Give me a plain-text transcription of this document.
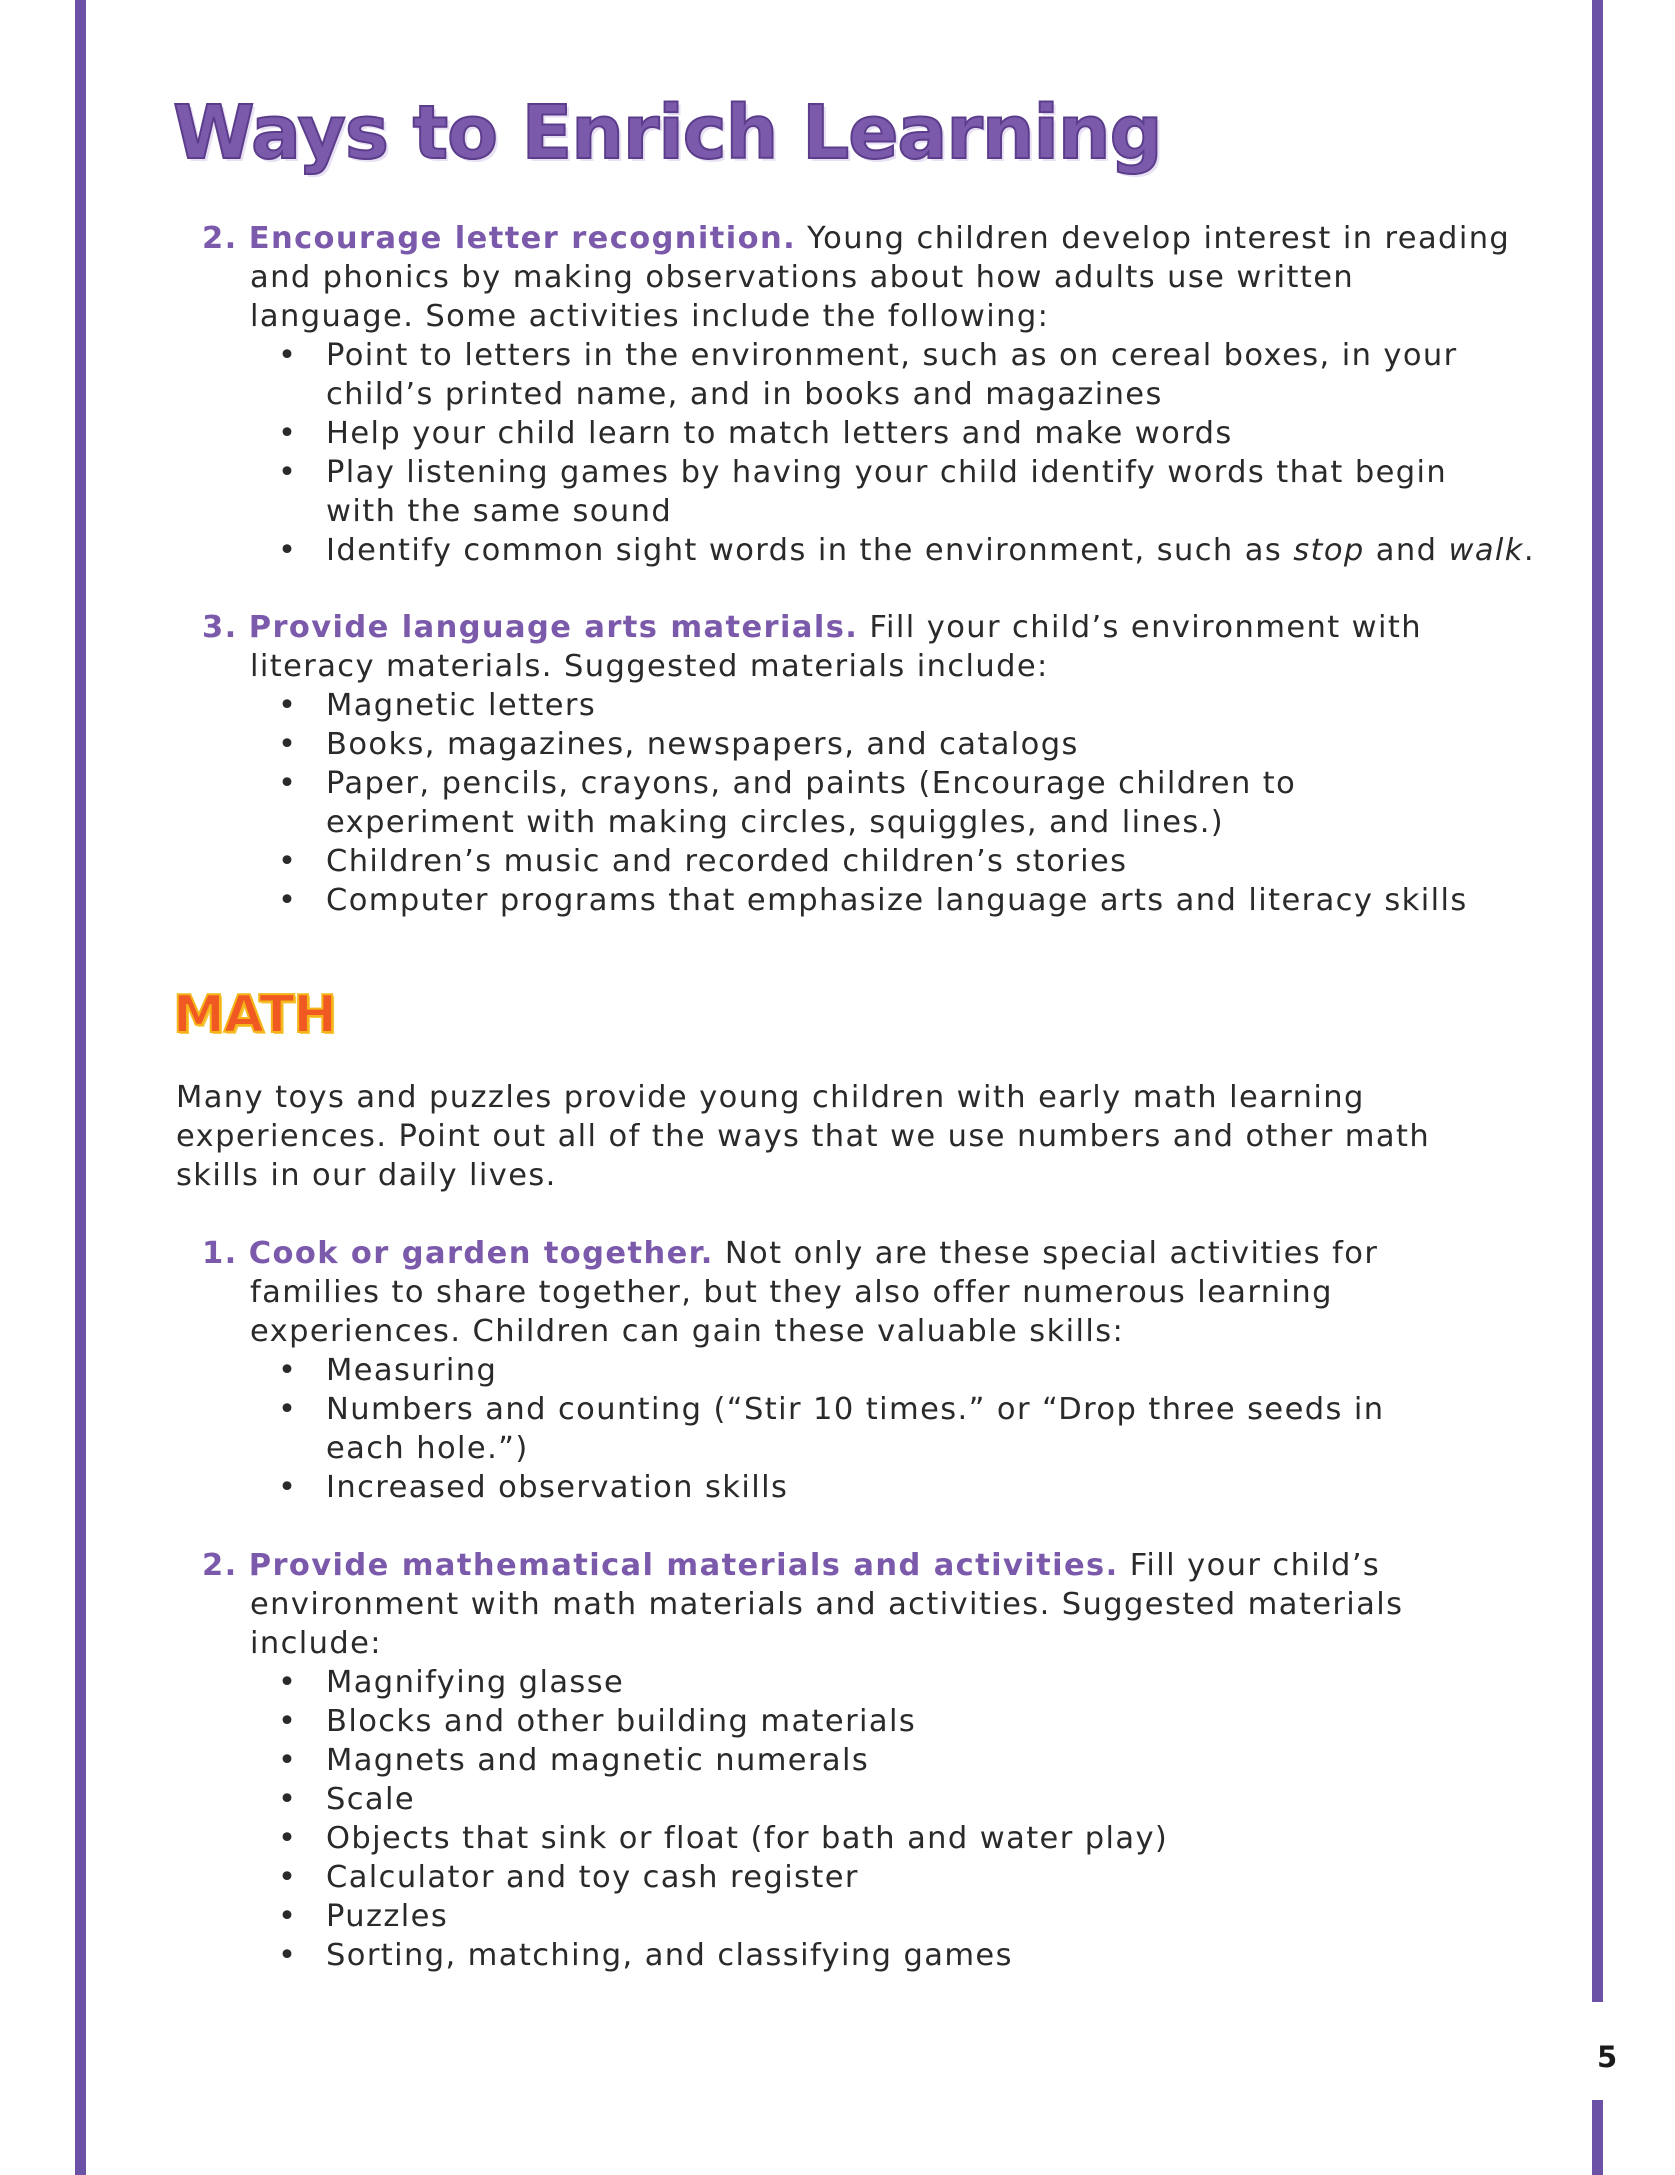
5
Ways to Enrich Learning
2. Encourage letter recognition. Young children develop interest in reading
and phonics by making observations about how adults use written
language. Some activities include the following:
• Point to letters in the environment, such as on cereal boxes, in your
child’s printed name, and in books and magazines
• Help your child learn to match letters and make words
• Play listening games by having your child identify words that begin
with the same sound
• Identify common sight words in the environment, such as stop and walk.
3. Provide language arts materials. Fill your child’s environment with
literacy materials. Suggested materials include:
• Magnetic letters
• Books, magazines, newspapers, and catalogs
• Paper, pencils, crayons, and paints (Encourage children to
experiment with making circles, squiggles, and lines.)
• Children’s music and recorded children’s stories
• Computer programs that emphasize language arts and literacy skills
MATH
Many toys and puzzles provide young children with early math learning
experiences. Point out all of the ways that we use numbers and other math
skills in our daily lives.
1. Cook or garden together. Not only are these special activities for
families to share together, but they also offer numerous learning
experiences. Children can gain these valuable skills:
• Measuring
• Numbers and counting (“Stir 10 times.” or “Drop three seeds in
each hole.”)
• Increased observation skills
2. Provide mathematical materials and activities. Fill your child’s
environment with math materials and activities. Suggested materials
include:
• Magnifying glasse
• Blocks and other building materials
• Magnets and magnetic numerals
• Scale
• Objects that sink or float (for bath and water play)
• Calculator and toy cash register
• Puzzles
• Sorting, matching, and classifying games
